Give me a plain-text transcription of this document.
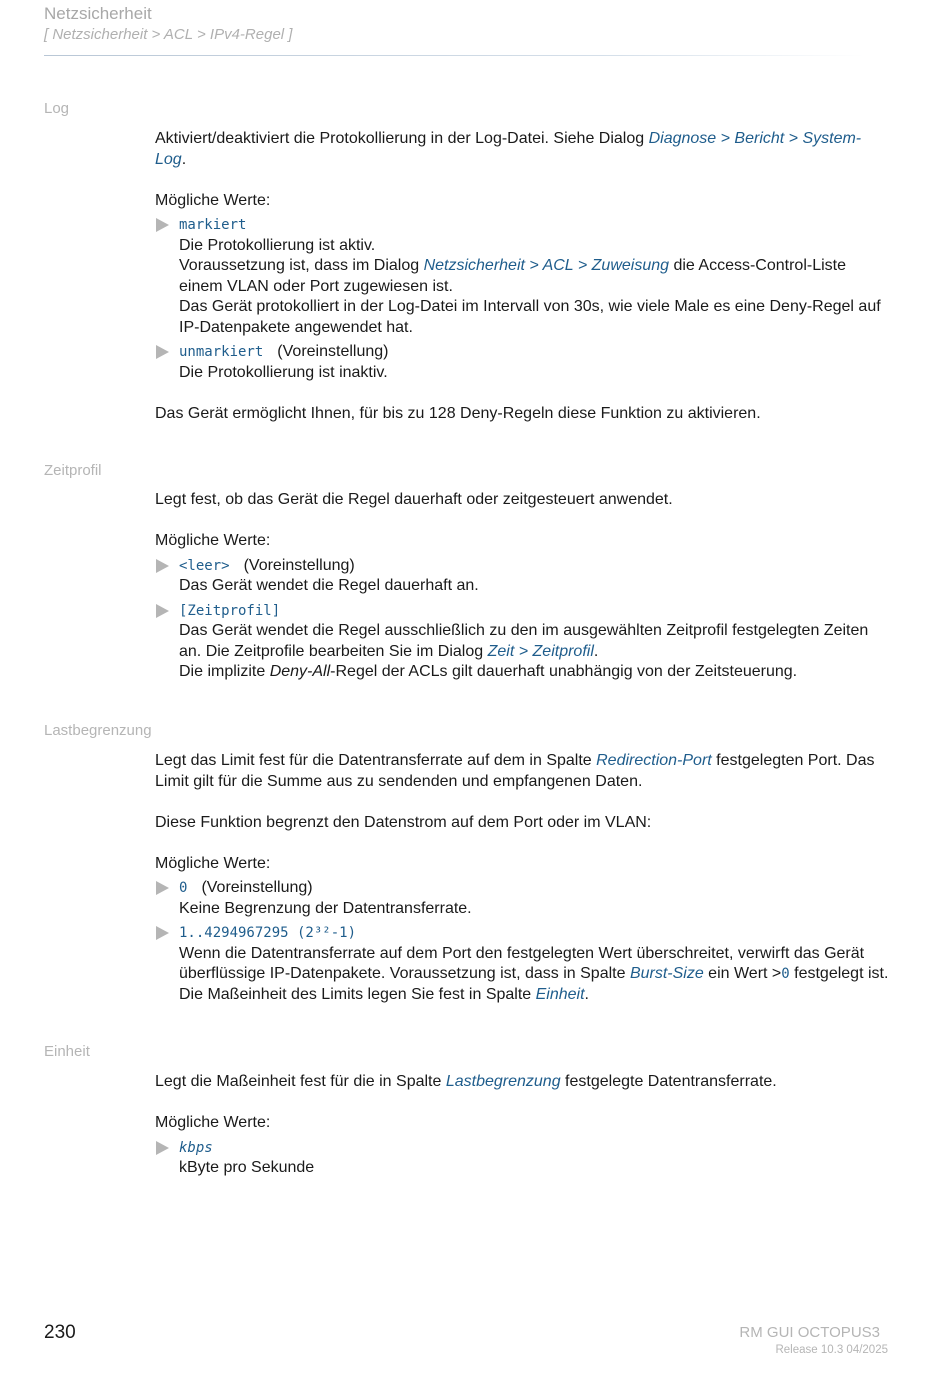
Netzsicherheit
[ Netzsicherheit > ACL > IPv4-Regel ]
Log

Aktiviert/deaktiviert die Protokollierung in der Log-Datei. Siehe Dialog Diagnose > Bericht > System-Log.

Mögliche Werte:

markiert

Die Protokollierung ist aktiv.

Voraussetzung ist, dass im Dialog Netzsicherheit > ACL > Zuweisung die Access-Control-Liste einem VLAN oder Port zugewiesen ist.

Das Gerät protokolliert in der Log-Datei im Intervall von 30s, wie viele Male es eine Deny-Regel auf IP-Datenpakete angewendet hat.

unmarkiert (Voreinstellung)

Die Protokollierung ist inaktiv.

Das Gerät ermöglicht Ihnen, für bis zu 128 Deny-Regeln diese Funktion zu aktivieren.

Zeitprofil

Legt fest, ob das Gerät die Regel dauerhaft oder zeitgesteuert anwendet.

Mögliche Werte:

<leer> (Voreinstellung)

Das Gerät wendet die Regel dauerhaft an.

[Zeitprofil]

Das Gerät wendet die Regel ausschließlich zu den im ausgewählten Zeitprofil festgelegten Zeiten an. Die Zeitprofile bearbeiten Sie im Dialog Zeit > Zeitprofil.

Die implizite Deny-All-Regel der ACLs gilt dauerhaft unabhängig von der Zeitsteuerung.

Lastbegrenzung

Legt das Limit fest für die Datentransferrate auf dem in Spalte Redirection-Port festgelegten Port. Das Limit gilt für die Summe aus zu sendenden und empfangenen Daten.

Diese Funktion begrenzt den Datenstrom auf dem Port oder im VLAN:

Mögliche Werte:

0 (Voreinstellung)

Keine Begrenzung der Datentransferrate.

1..4294967295 (2³²-1)

Wenn die Datentransferrate auf dem Port den festgelegten Wert überschreitet, verwirft das Gerät überflüssige IP-Datenpakete. Voraussetzung ist, dass in Spalte Burst-Size ein Wert >0 festgelegt ist. Die Maßeinheit des Limits legen Sie fest in Spalte Einheit.

Einheit

Legt die Maßeinheit fest für die in Spalte Lastbegrenzung festgelegte Datentransferrate.

Mögliche Werte:

kbps

kByte pro Sekunde

230	RM GUI OCTOPUS3
Release 10.3 04/2025
